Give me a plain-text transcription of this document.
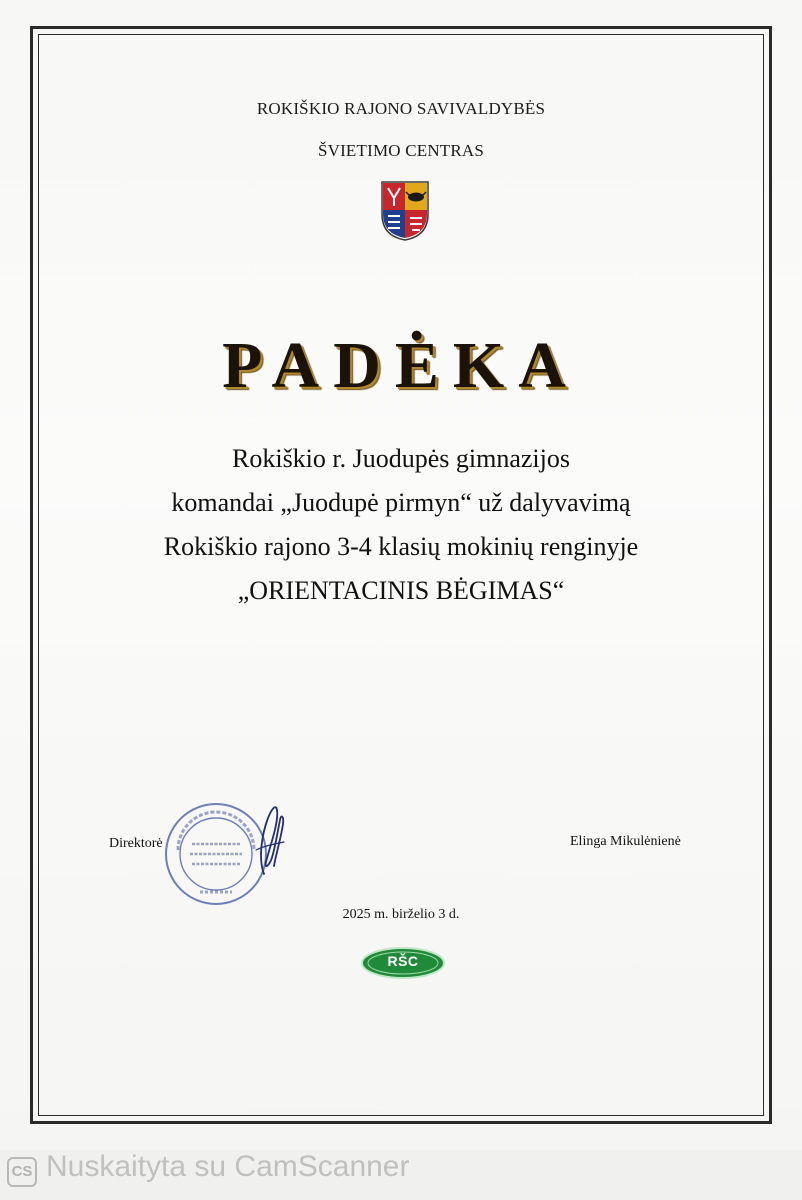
ROKIŠKIO RAJONO SAVIVALDYBĖS
ŠVIETIMO CENTRAS
PADĖKA
Rokiškio r. Juodupės gimnazijos
komandai „Juodupė pirmyn“ už dalyvavimą
Rokiškio rajono 3-4 klasių mokinių renginyje
„ORIENTACINIS BĖGIMAS“
Direktorė	Elinga Mikulėnienė
2025 m. birželio 3 d.
RŠC
CS Nuskaityta su CamScanner
